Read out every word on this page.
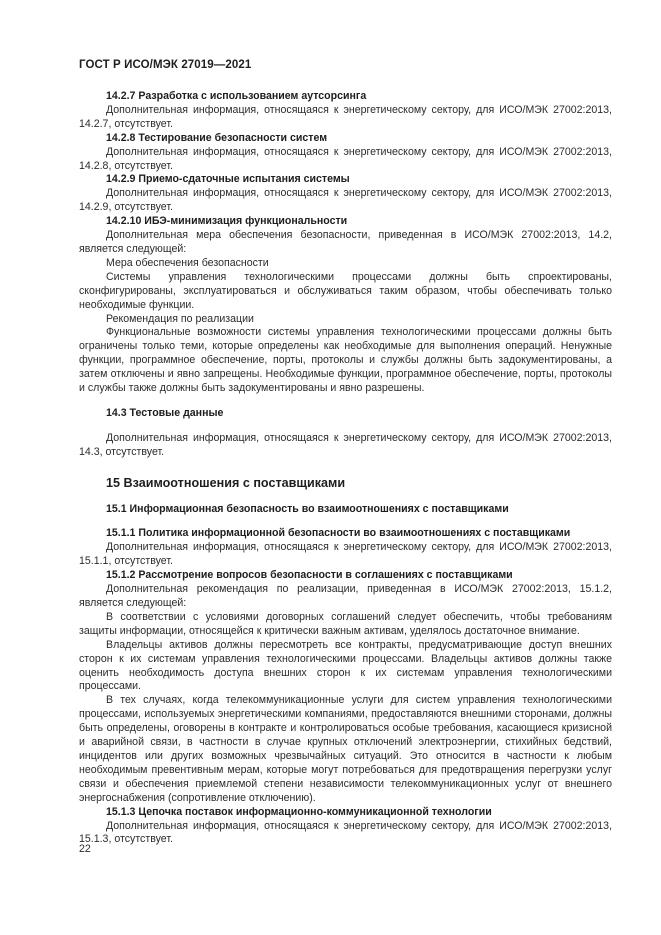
ГОСТ Р ИСО/МЭК 27019—2021

14.2.7 Разработка с использованием аутсорсинга

Дополнительная информация, относящаяся к энергетическому сектору, для ИСО/МЭК 27002:2013, 14.2.7, отсутствует.

14.2.8 Тестирование безопасности систем

Дополнительная информация, относящаяся к энергетическому сектору, для ИСО/МЭК 27002:2013, 14.2.8, отсутствует.

14.2.9 Приемо-сдаточные испытания системы

Дополнительная информация, относящаяся к энергетическому сектору, для ИСО/МЭК 27002:2013, 14.2.9, отсутствует.

14.2.10 ИБЭ-минимизация функциональности

Дополнительная мера обеспечения безопасности, приведенная в ИСО/МЭК 27002:2013, 14.2, является следующей:

Мера обеспечения безопасности

Системы управления технологическими процессами должны быть спроектированы, сконфигурированы, эксплуатироваться и обслуживаться таким образом, чтобы обеспечивать только необходимые функции.

Рекомендация по реализации

Функциональные возможности системы управления технологическими процессами должны быть ограничены только теми, которые определены как необходимые для выполнения операций. Ненужные функции, программное обеспечение, порты, протоколы и службы должны быть задокументированы, а затем отключены и явно запрещены. Необходимые функции, программное обеспечение, порты, протоколы и службы также должны быть задокументированы и явно разрешены.

14.3 Тестовые данные

Дополнительная информация, относящаяся к энергетическому сектору, для ИСО/МЭК 27002:2013, 14.3, отсутствует.

15 Взаимоотношения с поставщиками

15.1 Информационная безопасность во взаимоотношениях с поставщиками

15.1.1 Политика информационной безопасности во взаимоотношениях с поставщиками

Дополнительная информация, относящаяся к энергетическому сектору, для ИСО/МЭК 27002:2013, 15.1.1, отсутствует.

15.1.2 Рассмотрение вопросов безопасности в соглашениях с поставщиками

Дополнительная рекомендация по реализации, приведенная в ИСО/МЭК 27002:2013, 15.1.2, является следующей:

В соответствии с условиями договорных соглашений следует обеспечить, чтобы требованиям защиты информации, относящейся к критически важным активам, уделялось достаточное внимание.

Владельцы активов должны пересмотреть все контракты, предусматривающие доступ внешних сторон к их системам управления технологическими процессами. Владельцы активов должны также оценить необходимость доступа внешних сторон к их системам управления технологическими процессами.

В тех случаях, когда телекоммуникационные услуги для систем управления технологическими процессами, используемых энергетическими компаниями, предоставляются внешними сторонами, должны быть определены, оговорены в контракте и контролироваться особые требования, касающиеся кризисной и аварийной связи, в частности в случае крупных отключений электроэнергии, стихийных бедствий, инцидентов или других возможных чрезвычайных ситуаций. Это относится в частности к любым необходимым превентивным мерам, которые могут потребоваться для предотвращения перегрузки услуг связи и обеспечения приемлемой степени независимости телекоммуникационных услуг от внешнего энергоснабжения (сопротивление отключению).

15.1.3 Цепочка поставок информационно-коммуникационной технологии

Дополнительная информация, относящаяся к энергетическому сектору, для ИСО/МЭК 27002:2013, 15.1.3, отсутствует.

22
